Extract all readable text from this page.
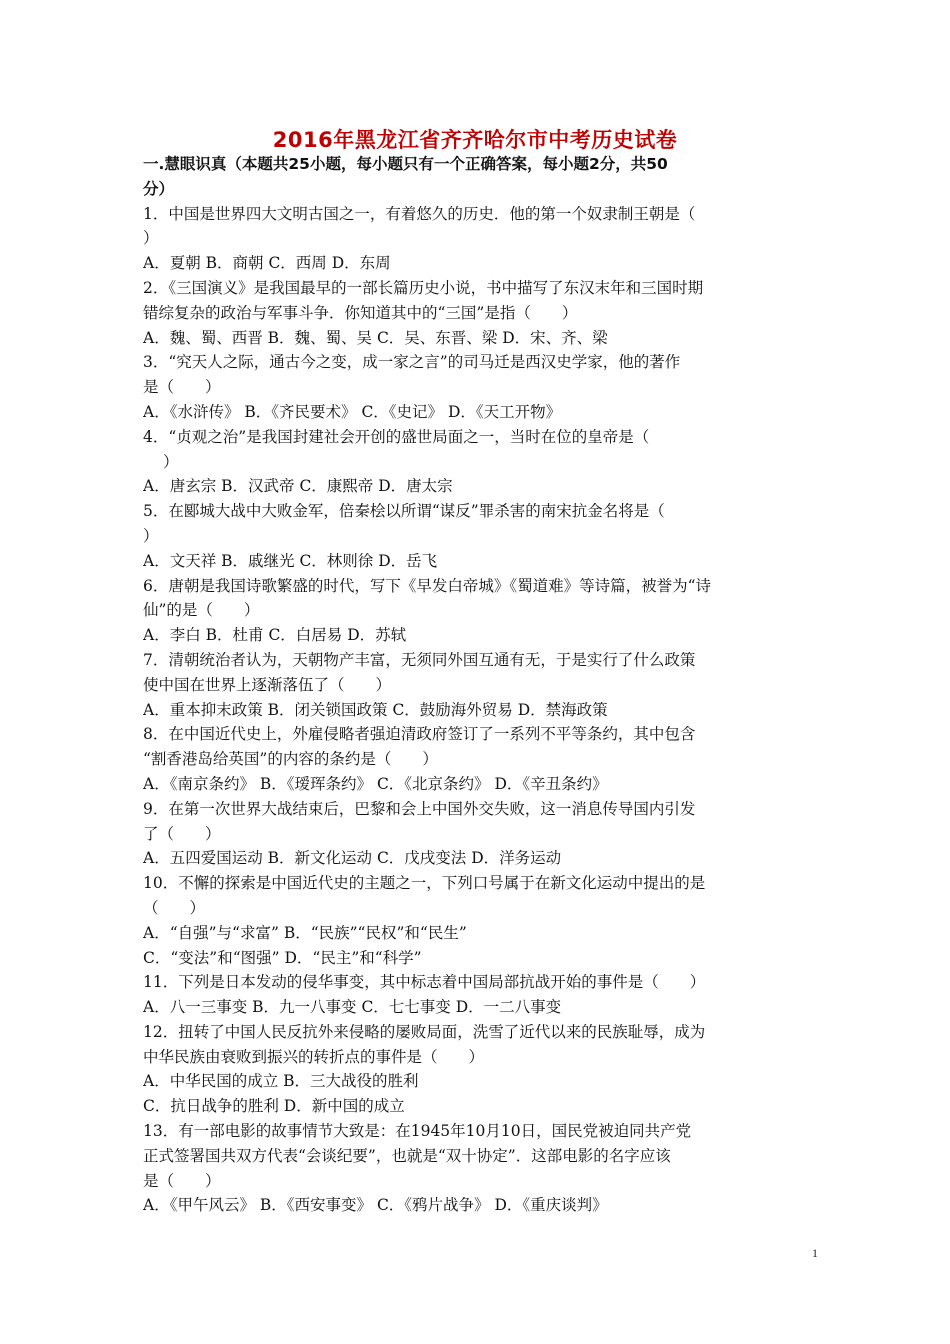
2016年黑龙江省齐齐哈尔市中考历史试卷
一.慧眼识真（本题共25小题，每小题只有一个正确答案，每小题2分，共50
分）
1．中国是世界四大文明古国之一，有着悠久的历史．他的第一个奴隶制王朝是（
）
A．夏朝 B．商朝 C．西周 D．东周
2．《三国演义》是我国最早的一部长篇历史小说，书中描写了东汉末年和三国时期
错综复杂的政治与军事斗争．你知道其中的“三国”是指（　　）
A．魏、蜀、西晋 B．魏、蜀、吴 C．吴、东晋、梁 D．宋、齐、梁
3．“究天人之际，通古今之变，成一家之言”的司马迁是西汉史学家，他的著作
是（　　）
A．《水浒传》 B．《齐民要术》 C．《史记》 D．《天工开物》
4．“贞观之治”是我国封建社会开创的盛世局面之一，当时在位的皇帝是（
）
A．唐玄宗 B．汉武帝 C．康熙帝 D．唐太宗
5．在郾城大战中大败金军，倍秦桧以所谓“谋反”罪杀害的南宋抗金名将是（
）
A．文天祥 B．戚继光 C．林则徐 D．岳飞
6．唐朝是我国诗歌繁盛的时代，写下《早发白帝城》《蜀道难》等诗篇，被誉为“诗
仙”的是（　　）
A．李白 B．杜甫 C．白居易 D．苏轼
7．清朝统治者认为，天朝物产丰富，无须同外国互通有无，于是实行了什么政策
使中国在世界上逐渐落伍了（　　）
A．重本抑末政策 B．闭关锁国政策 C．鼓励海外贸易 D．禁海政策
8．在中国近代史上，外雇侵略者强迫清政府签订了一系列不平等条约，其中包含
“割香港岛给英国”的内容的条约是（　　）
A．《南京条约》 B．《瑷珲条约》 C．《北京条约》 D．《辛丑条约》
9．在第一次世界大战结束后，巴黎和会上中国外交失败，这一消息传导国内引发
了（　　）
A．五四爱国运动 B．新文化运动 C．戊戌变法 D．洋务运动
10．不懈的探索是中国近代史的主题之一，下列口号属于在新文化运动中提出的是
（　　）
A．“自强”与“求富” B．“民族”“民权”和“民生”
C．“变法”和“图强” D．“民主”和“科学”
11．下列是日本发动的侵华事变，其中标志着中国局部抗战开始的事件是（　　）
A．八一三事变 B．九一八事变 C．七七事变 D．一二八事变
12．扭转了中国人民反抗外来侵略的屡败局面，洗雪了近代以来的民族耻辱，成为
中华民族由衰败到振兴的转折点的事件是（　　）
A．中华民国的成立 B．三大战役的胜利
C．抗日战争的胜利 D．新中国的成立
13．有一部电影的故事情节大致是：在1945年10月10日，国民党被迫同共产党
正式签署国共双方代表“会谈纪要”，也就是“双十协定”．这部电影的名字应该
是（　　）
A．《甲午风云》 B．《西安事变》 C．《鸦片战争》 D．《重庆谈判》
1
